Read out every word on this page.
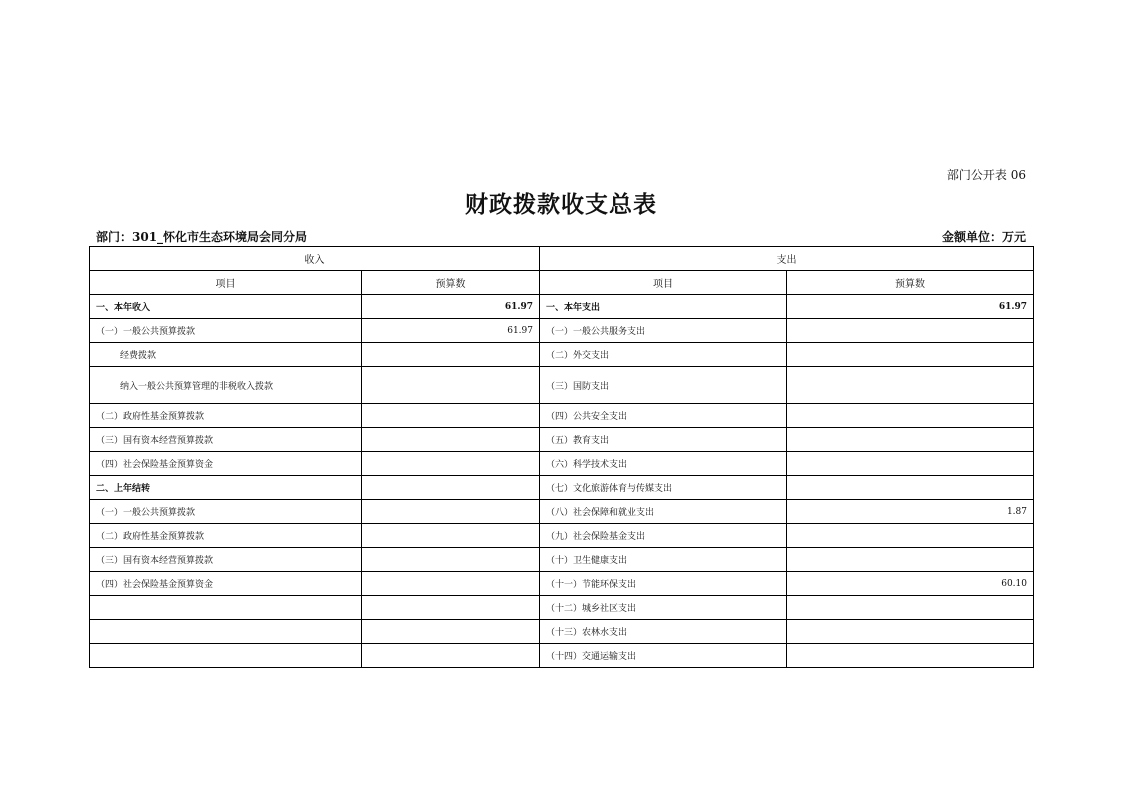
部门公开表 06
财政拨款收支总表
部门：301_怀化市生态环境局会同分局	金额单位：万元
收入		支出	
项目	预算数	项目	预算数
一、本年收入	61.97	一、本年支出	61.97
（一）一般公共预算拨款	61.97	（一）一般公共服务支出	
经费拨款		（二）外交支出	
纳入一般公共预算管理的非税收入拨款		（三）国防支出	
（二）政府性基金预算拨款		（四）公共安全支出	
（三）国有资本经营预算拨款		（五）教育支出	
（四）社会保险基金预算资金		（六）科学技术支出	
二、上年结转		（七）文化旅游体育与传媒支出	
（一）一般公共预算拨款		（八）社会保障和就业支出	1.87
（二）政府性基金预算拨款		（九）社会保险基金支出	
（三）国有资本经营预算拨款		（十）卫生健康支出	
（四）社会保险基金预算资金		（十一）节能环保支出	60.10
		（十二）城乡社区支出	
		（十三）农林水支出	
		（十四）交通运输支出	
